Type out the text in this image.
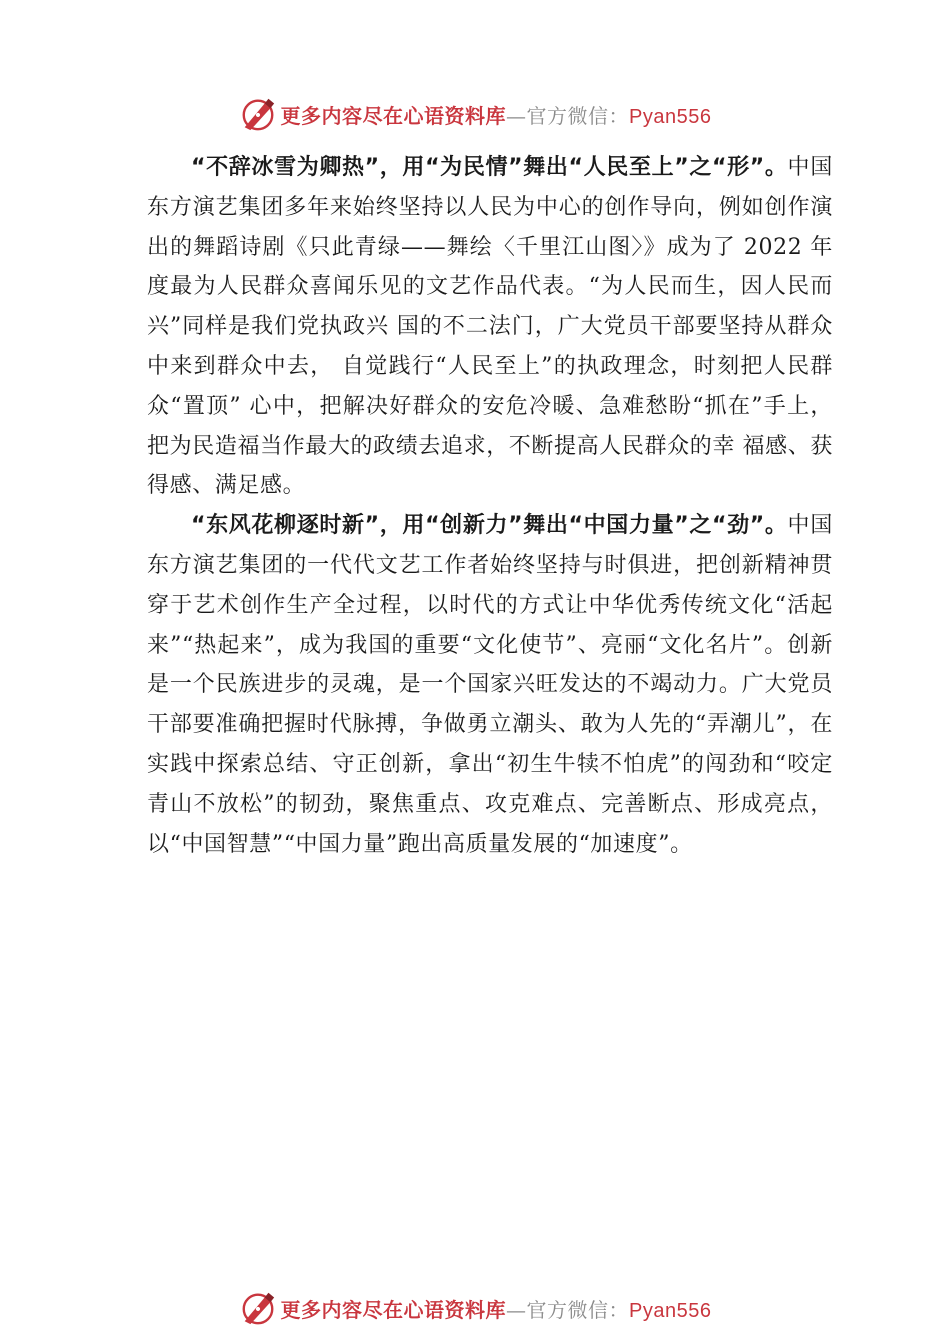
更多内容尽在心语资料库—官方微信：Pyan556

“不辞冰雪为卿热”，用“为民情”舞出“人民至上”之“形”。中国东方演艺集团多年来始终坚持以人民为中心的创作导向，例如创作演出的舞蹈诗剧《只此青绿——舞绘〈千里江山图〉》成为了 2022 年度最为人民群众喜闻乐见的文艺作品代表。“为人民而生，因人民而兴”同样是我们党执政兴 国的不二法门，广大党员干部要坚持从群众中来到群众中去， 自觉践行“人民至上”的执政理念，时刻把人民群众“置顶” 心中，把解决好群众的安危冷暖、急难愁盼“抓在”手上， 把为民造福当作最大的政绩去追求，不断提高人民群众的幸 福感、获得感、满足感。

“东风花柳逐时新”，用“创新力”舞出“中国力量”之“劲”。中国东方演艺集团的一代代文艺工作者始终坚持与时俱进，把创新精神贯穿于艺术创作生产全过程，以时代的方式让中华优秀传统文化“活起来”“热起来”，成为我国的重要“文化使节”、亮丽“文化名片”。创新是一个民族进步的灵魂，是一个国家兴旺发达的不竭动力。广大党员干部要准确把握时代脉搏，争做勇立潮头、敢为人先的“弄潮儿”，在实践中探索总结、守正创新，拿出“初生牛犊不怕虎”的闯劲和“咬定青山不放松”的韧劲，聚焦重点、攻克难点、完善断点、形成亮点，以“中国智慧”“中国力量”跑出高质量发展的“加速度”。

更多内容尽在心语资料库—官方微信：Pyan556
